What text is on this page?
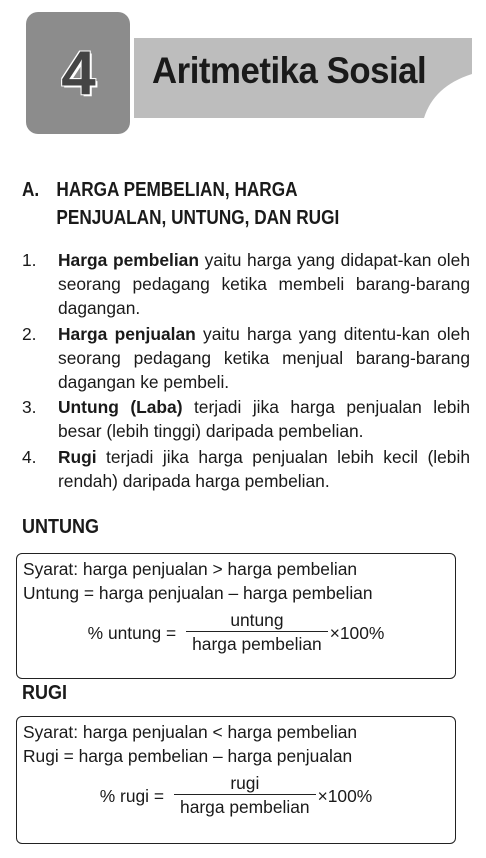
4 Aritmetika Sosial
A. HARGA PEMBELIAN, HARGA PENJUALAN, UNTUNG, DAN RUGI
1.	Harga pembelian yaitu harga yang didapat-kan oleh seorang pedagang ketika membeli barang-barang dagangan.
2.	Harga penjualan yaitu harga yang ditentu-kan oleh seorang pedagang ketika menjual barang-barang dagangan ke pembeli.
3.	Untung (Laba) terjadi jika harga penjualan lebih besar (lebih tinggi) daripada pembelian.
4.	Rugi terjadi jika harga penjualan lebih kecil (lebih rendah) daripada harga pembelian.
UNTUNG
Syarat: harga penjualan > harga pembelian
Untung = harga penjualan – harga pembelian
% untung = $\frac{\text{untung}}{\text{harga pembelian}} \times 100\%$
RUGI
Syarat: harga penjualan < harga pembelian
Rugi = harga pembelian – harga penjualan
% rugi = $\frac{\text{rugi}}{\text{harga pembelian}} \times 100\%$
